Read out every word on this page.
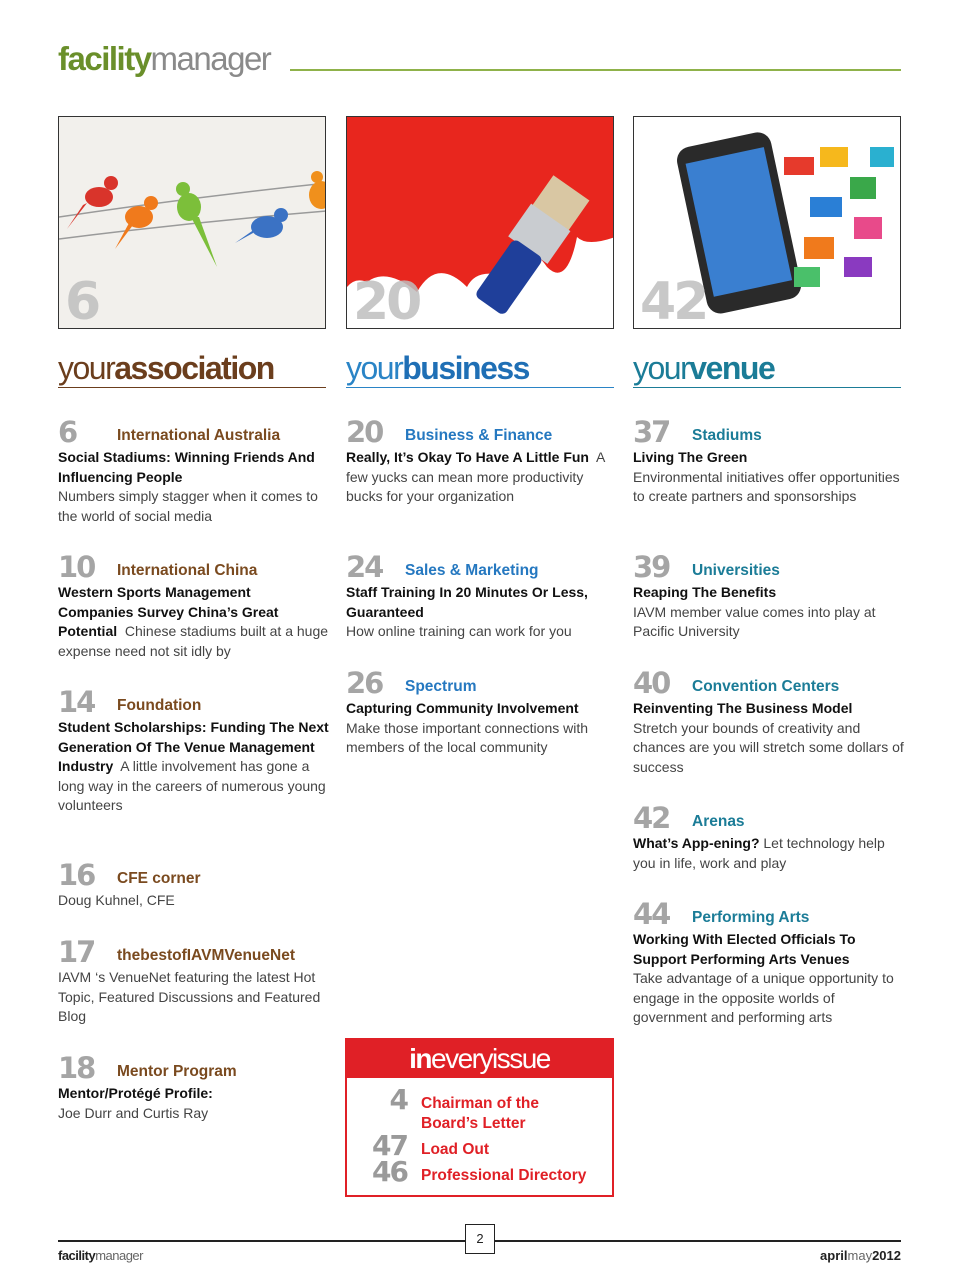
facilitymanager
6	20	42
yourassociation yourbusiness	yourvenue
6	International Australia
Social Stadiums: Winning Friends And Influencing People
Numbers simply stagger when it comes to the world of social media
10 International China
Western Sports Management Companies Survey China’s Great Potential Chinese stadiums built at a huge expense need not sit idly by
14 Foundation
Student Scholarships: Funding The Next Generation Of The Venue Management Industry A little involvement has gone a long way in the careers of numerous young volunteers
16 CFE corner
Doug Kuhnel, CFE
17 thebestofIAVMVenueNet
IAVM ‘s VenueNet featuring the latest Hot Topic, Featured Discussions and Featured Blog
18 Mentor Program
Mentor/Protégé Profile:
Joe Durr and Curtis Ray
20 Business & Finance
Really, It’s Okay To Have A Little Fun A few yucks can mean more productivity bucks for your organization
24 Sales & Marketing
Staff Training In 20 Minutes Or Less, Guaranteed
How online training can work for you
26 Spectrum
Capturing Community Involvement  Make those important connections with members of the local community
37 Stadiums
Living The Green
Environmental initiatives offer opportunities to create partners and sponsorships
39 Universities
Reaping The Benefits
IAVM member value comes into play at Pacific University
40 Convention Centers
Reinventing The Business Model
Stretch your bounds of creativity and chances are you will stretch some dollars of success
42 Arenas
What’s App-ening? Let technology help you in life, work and play
44 Performing Arts
Working With Elected Officials To Support Performing Arts Venues
Take advantage of a unique opportunity to engage in the opposite worlds of government and performing arts
ineveryissue
4 Chairman of the Board’s Letter
47 Load Out
46 Professional Directory
2
facilitymanager	aprilmay2012
